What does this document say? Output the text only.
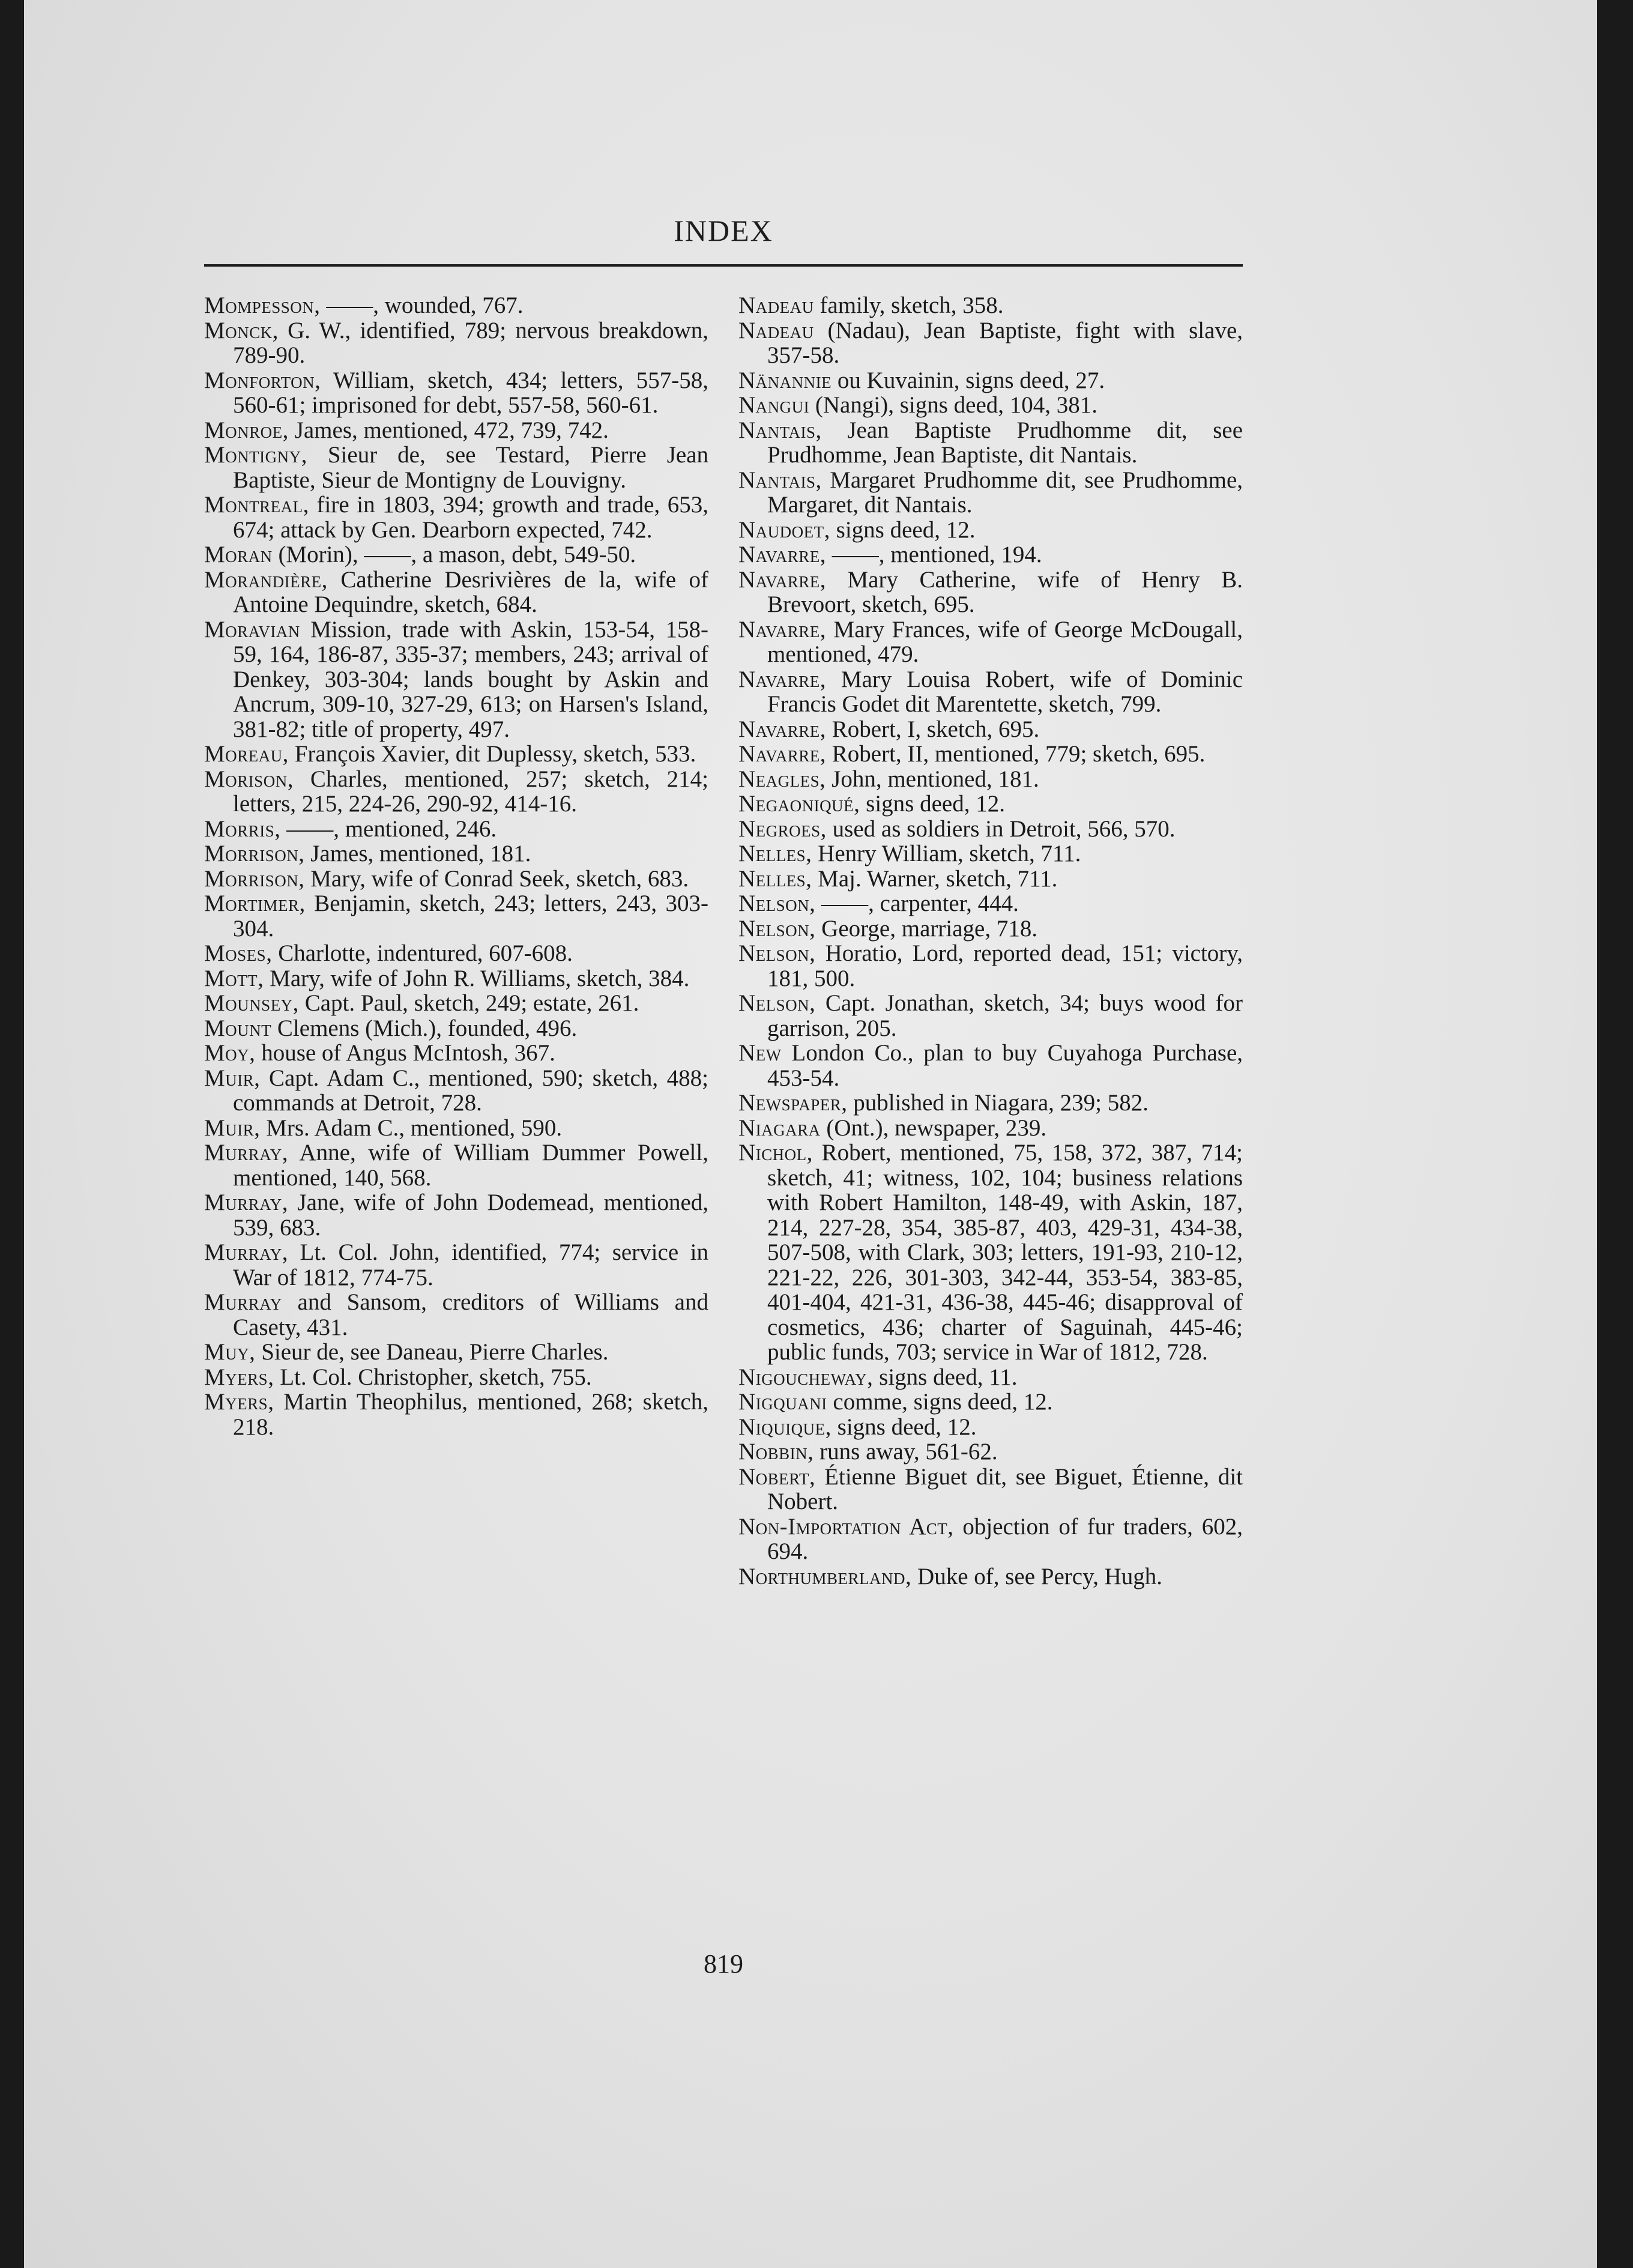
INDEX

Mompesson, ——, wounded, 767.

Monck, G. W., identified, 789; nervous breakdown, 789-90.

Monforton, William, sketch, 434; letters, 557-58, 560-61; imprisoned for debt, 557-58, 560-61.

Monroe, James, mentioned, 472, 739, 742.

Montigny, Sieur de, see Testard, Pierre Jean Baptiste, Sieur de Montigny de Louvigny.

Montreal, fire in 1803, 394; growth and trade, 653, 674; attack by Gen. Dearborn expected, 742.

Moran (Morin), ——, a mason, debt, 549-50.

Morandière, Catherine Desrivières de la, wife of Antoine Dequindre, sketch, 684.

Moravian Mission, trade with Askin, 153-54, 158-59, 164, 186-87, 335-37; members, 243; arrival of Denkey, 303-304; lands bought by Askin and Ancrum, 309-10, 327-29, 613; on Harsen's Island, 381-82; title of property, 497.

Moreau, François Xavier, dit Duplessy, sketch, 533.

Morison, Charles, mentioned, 257; sketch, 214; letters, 215, 224-26, 290-92, 414-16.

Morris, ——, mentioned, 246.

Morrison, James, mentioned, 181.

Morrison, Mary, wife of Conrad Seek, sketch, 683.

Mortimer, Benjamin, sketch, 243; letters, 243, 303-304.

Moses, Charlotte, indentured, 607-608.

Mott, Mary, wife of John R. Williams, sketch, 384.

Mounsey, Capt. Paul, sketch, 249; estate, 261.

Mount Clemens (Mich.), founded, 496.

Moy, house of Angus McIntosh, 367.

Muir, Capt. Adam C., mentioned, 590; sketch, 488; commands at Detroit, 728.

Muir, Mrs. Adam C., mentioned, 590.

Murray, Anne, wife of William Dummer Powell, mentioned, 140, 568.

Murray, Jane, wife of John Dodemead, mentioned, 539, 683.

Murray, Lt. Col. John, identified, 774; service in War of 1812, 774-75.

Murray and Sansom, creditors of Williams and Casety, 431.

Muy, Sieur de, see Daneau, Pierre Charles.

Myers, Lt. Col. Christopher, sketch, 755.

Myers, Martin Theophilus, mentioned, 268; sketch, 218.

Nadeau family, sketch, 358.

Nadeau (Nadau), Jean Baptiste, fight with slave, 357-58.

Nänannie ou Kuvainin, signs deed, 27.

Nangui (Nangi), signs deed, 104, 381.

Nantais, Jean Baptiste Prudhomme dit, see Prudhomme, Jean Baptiste, dit Nantais.

Nantais, Margaret Prudhomme dit, see Prudhomme, Margaret, dit Nantais.

Naudoet, signs deed, 12.

Navarre, ——, mentioned, 194.

Navarre, Mary Catherine, wife of Henry B. Brevoort, sketch, 695.

Navarre, Mary Frances, wife of George McDougall, mentioned, 479.

Navarre, Mary Louisa Robert, wife of Dominic Francis Godet dit Marentette, sketch, 799.

Navarre, Robert, I, sketch, 695.

Navarre, Robert, II, mentioned, 779; sketch, 695.

Neagles, John, mentioned, 181.

Negaoniqué, signs deed, 12.

Negroes, used as soldiers in Detroit, 566, 570.

Nelles, Henry William, sketch, 711.

Nelles, Maj. Warner, sketch, 711.

Nelson, ——, carpenter, 444.

Nelson, George, marriage, 718.

Nelson, Horatio, Lord, reported dead, 151; victory, 181, 500.

Nelson, Capt. Jonathan, sketch, 34; buys wood for garrison, 205.

New London Co., plan to buy Cuyahoga Purchase, 453-54.

Newspaper, published in Niagara, 239; 582.

Niagara (Ont.), newspaper, 239.

Nichol, Robert, mentioned, 75, 158, 372, 387, 714; sketch, 41; witness, 102, 104; business relations with Robert Hamilton, 148-49, with Askin, 187, 214, 227-28, 354, 385-87, 403, 429-31, 434-38, 507-508, with Clark, 303; letters, 191-93, 210-12, 221-22, 226, 301-303, 342-44, 353-54, 383-85, 401-404, 421-31, 436-38, 445-46; disapproval of cosmetics, 436; charter of Saguinah, 445-46; public funds, 703; service in War of 1812, 728.

Nigoucheway, signs deed, 11.

Nigquani comme, signs deed, 12.

Niquique, signs deed, 12.

Nobbin, runs away, 561-62.

Nobert, Étienne Biguet dit, see Biguet, Étienne, dit Nobert.

Non-Importation Act, objection of fur traders, 602, 694.

Northumberland, Duke of, see Percy, Hugh.

819
